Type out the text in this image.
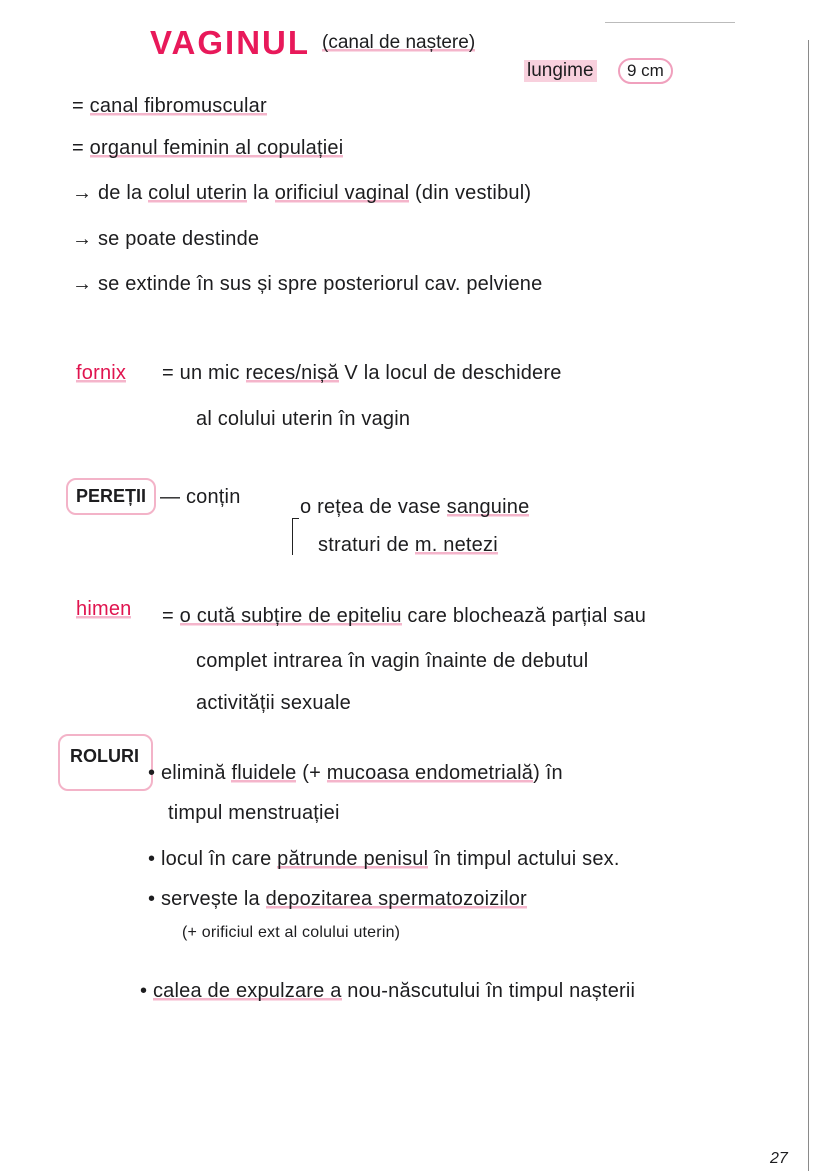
VAGINUL (canal de naștere)
lungime	9 cm
PEREȚII
ROLURI
= canal fibromuscular
= organul feminin al copulației
→ de la colul uterin la orificiul vaginal (din vestibul)
→ se poate destinde
→ se extinde în sus și spre posteriorul cav. pelviene
fornix = un mic reces/nișă V la locul de deschidere
al colului uterin în vagin
— conțin	o rețea de vase sanguine
straturi de m. netezi
himen = o cută subțire de epiteliu care blochează parțial sau
complet intrarea în vagin înainte de debutul
activității sexuale
• elimină fluidele (+ mucoasa endometrială) în
timpul menstruației
• locul în care pătrunde penisul în timpul actului sex.
• servește la depozitarea spermatozoizilor
(+ orificiul ext al colului uterin)
• calea de expulzare a nou-născutului în timpul nașterii
27
